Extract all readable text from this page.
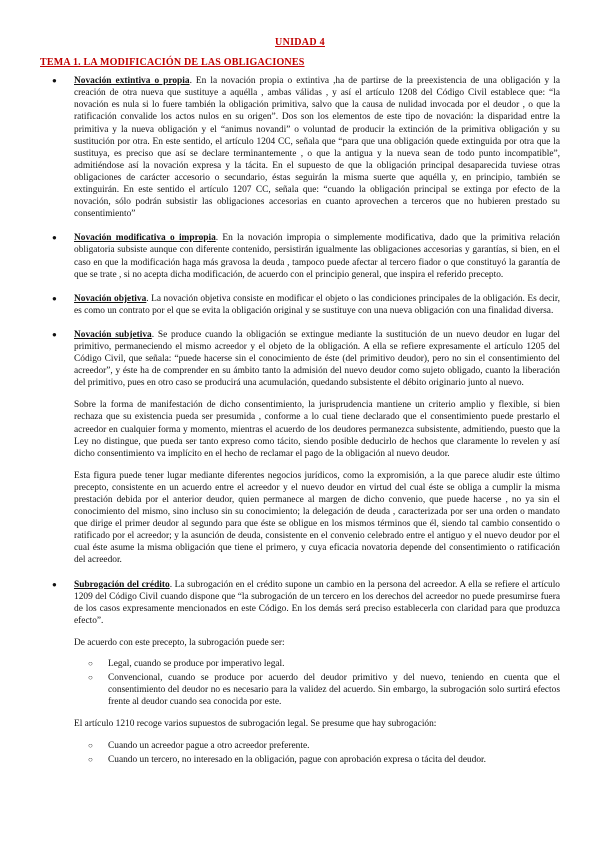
UNIDAD 4
TEMA 1. LA MODIFICACIÓN DE LAS OBLIGACIONES
● Novación extintiva o propia. En la novación propia o extintiva ,ha de partirse de la preexistencia de una obligación y la creación de otra nueva que sustituye a aquélla , ambas válidas , y así el artículo 1208 del Código Civil establece que: “la novación es nula si lo fuere también la obligación primitiva, salvo que la causa de nulidad invocada por el deudor , o que la ratificación convalide los actos nulos en su origen”. Dos son los elementos de este tipo de novación: la disparidad entre la primitiva y la nueva obligación y el “animus novandi” o voluntad de producir la extinción de la primitiva obligación y su sustitución por otra. En este sentido, el artículo 1204 CC, señala que “para que una obligación quede extinguida por otra que la sustituya, es preciso que así se declare terminantemente , o que la antigua y la nueva sean de todo punto incompatible”, admitiéndose así la novación expresa y la tácita. En el supuesto de que la obligación principal desaparecida tuviese otras obligaciones de carácter accesorio o secundario, éstas seguirán la misma suerte que aquélla y, en principio, también se extinguirán. En este sentido el artículo 1207 CC, señala que: “cuando la obligación principal se extinga por efecto de la novación, sólo podrán subsistir las obligaciones accesorias en cuanto aprovechen a terceros que no hubieren prestado su consentimiento”
● Novación modificativa o impropia. En la novación impropia o simplemente modificativa, dado que la primitiva relación obligatoria subsiste aunque con diferente contenido, persistirán igualmente las obligaciones accesorias y garantías, si bien, en el caso en que la modificación haga más gravosa la deuda , tampoco puede afectar al tercero fiador o que constituyó la garantía de que se trate , si no acepta dicha modificación, de acuerdo con el principio general, que inspira el referido precepto.
● Novación objetiva. La novación objetiva consiste en modificar el objeto o las condiciones principales de la obligación. Es decir, es como un contrato por el que se evita la obligación original y se sustituye con una nueva obligación con una finalidad diversa.
● Novación subjetiva. Se produce cuando la obligación se extingue mediante la sustitución de un nuevo deudor en lugar del primitivo, permaneciendo el mismo acreedor y el objeto de la obligación. A ella se refiere expresamente el artículo 1205 del Código Civil, que señala: “puede hacerse sin el conocimiento de éste (del primitivo deudor), pero no sin el consentimiento del acreedor”, y éste ha de comprender en su ámbito tanto la admisión del nuevo deudor como sujeto obligado, cuanto la liberación del primitivo, pues en otro caso se producirá una acumulación, quedando subsistente el débito originario junto al nuevo.
Sobre la forma de manifestación de dicho consentimiento, la jurisprudencia mantiene un criterio amplio y flexible, si bien rechaza que su existencia pueda ser presumida , conforme a lo cual tiene declarado que el consentimiento puede prestarlo el acreedor en cualquier forma y momento, mientras el acuerdo de los deudores permanezca subsistente, admitiendo, puesto que la Ley no distingue, que pueda ser tanto expreso como tácito, siendo posible deducirlo de hechos que claramente lo revelen y así dicho consentimiento va implícito en el hecho de reclamar el pago de la obligación al nuevo deudor.
Esta figura puede tener lugar mediante diferentes negocios jurídicos, como la expromisión, a la que parece aludir este último precepto, consistente en un acuerdo entre el acreedor y el nuevo deudor en virtud del cual éste se obliga a cumplir la misma prestación debida por el anterior deudor, quien permanece al margen de dicho convenio, que puede hacerse , no ya sin el conocimiento del mismo, sino incluso sin su conocimiento; la delegación de deuda , caracterizada por ser una orden o mandato que dirige el primer deudor al segundo para que éste se obligue en los mismos términos que él, siendo tal cambio consentido o ratificado por el acreedor; y la asunción de deuda, consistente en el convenio celebrado entre el antiguo y el nuevo deudor por el cual éste asume la misma obligación que tiene el primero, y cuya eficacia novatoria depende del consentimiento o ratificación del acreedor.
● Subrogación del crédito. La subrogación en el crédito supone un cambio en la persona del acreedor. A ella se refiere el artículo 1209 del Código Civil cuando dispone que “la subrogación de un tercero en los derechos del acreedor no puede presumirse fuera de los casos expresamente mencionados en este Código. En los demás será preciso establecerla con claridad para que produzca efecto”.
De acuerdo con este precepto, la subrogación puede ser:
○ Legal, cuando se produce por imperativo legal.
○ Convencional, cuando se produce por acuerdo del deudor primitivo y del nuevo, teniendo en cuenta que el consentimiento del deudor no es necesario para la validez del acuerdo. Sin embargo, la subrogación solo surtirá efectos frente al deudor cuando sea conocida por este.
El artículo 1210 recoge varios supuestos de subrogación legal. Se presume que hay subrogación:
○ Cuando un acreedor pague a otro acreedor preferente.
○ Cuando un tercero, no interesado en la obligación, pague con aprobación expresa o tácita del deudor.
